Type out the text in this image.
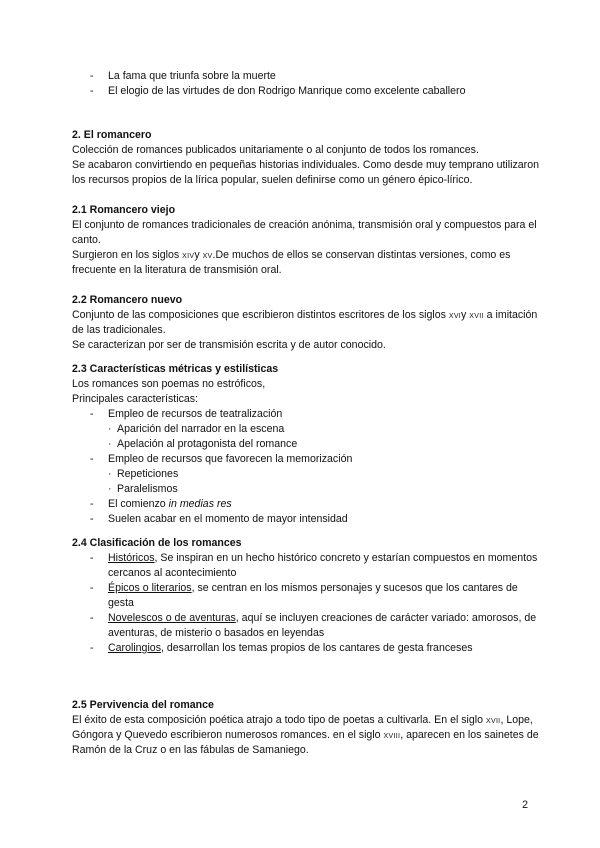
- La fama que triunfa sobre la muerte
- El elogio de las virtudes de don Rodrigo Manrique como excelente caballero
2. El romancero

Colección de romances publicados unitariamente o al conjunto de todos los romances.

Se acabaron convirtiendo en pequeñas historias individuales. Como desde muy temprano utilizaron los recursos propios de la lírica popular, suelen definirse como un género épico-lírico.

2.1 Romancero viejo

El conjunto de romances tradicionales de creación anónima, transmisión oral y compuestos para el canto.

Surgieron en los siglos xivy xv.De muchos de ellos se conservan distintas versiones, como es frecuente en la literatura de transmisión oral.

2.2 Romancero nuevo

Conjunto de las composiciones que escribieron distintos escritores de los siglos xviy xvii a imitación de las tradicionales.

Se caracterizan por ser de transmisión escrita y de autor conocido.

2.3 Características métricas y estilísticas

Los romances son poemas no estróficos,

Principales características:

- Empleo de recursos de teatralización
· Aparición del narrador en la escena
· Apelación al protagonista del romance
- Empleo de recursos que favorecen la memorización
· Repeticiones
· Paralelismos
- El comienzo in medias res
- Suelen acabar en el momento de mayor intensidad
2.4 Clasificación de los romances
- Históricos, Se inspiran en un hecho histórico concreto y estarían compuestos en momentos cercanos al acontecimiento
- Épicos o literarios, se centran en los mismos personajes y sucesos que los cantares de gesta
- Novelescos o de aventuras, aquí se incluyen creaciones de carácter variado: amorosos, de aventuras, de misterio o basados en leyendas
- Carolingios, desarrollan los temas propios de los cantares de gesta franceses
2.5 Pervivencia del romance

El éxito de esta composición poética atrajo a todo tipo de poetas a cultivarla. En el siglo xvii, Lope, Góngora y Quevedo escribieron numerosos romances. en el siglo xviii, aparecen en los sainetes de Ramón de la Cruz o en las fábulas de Samaniego.

2
